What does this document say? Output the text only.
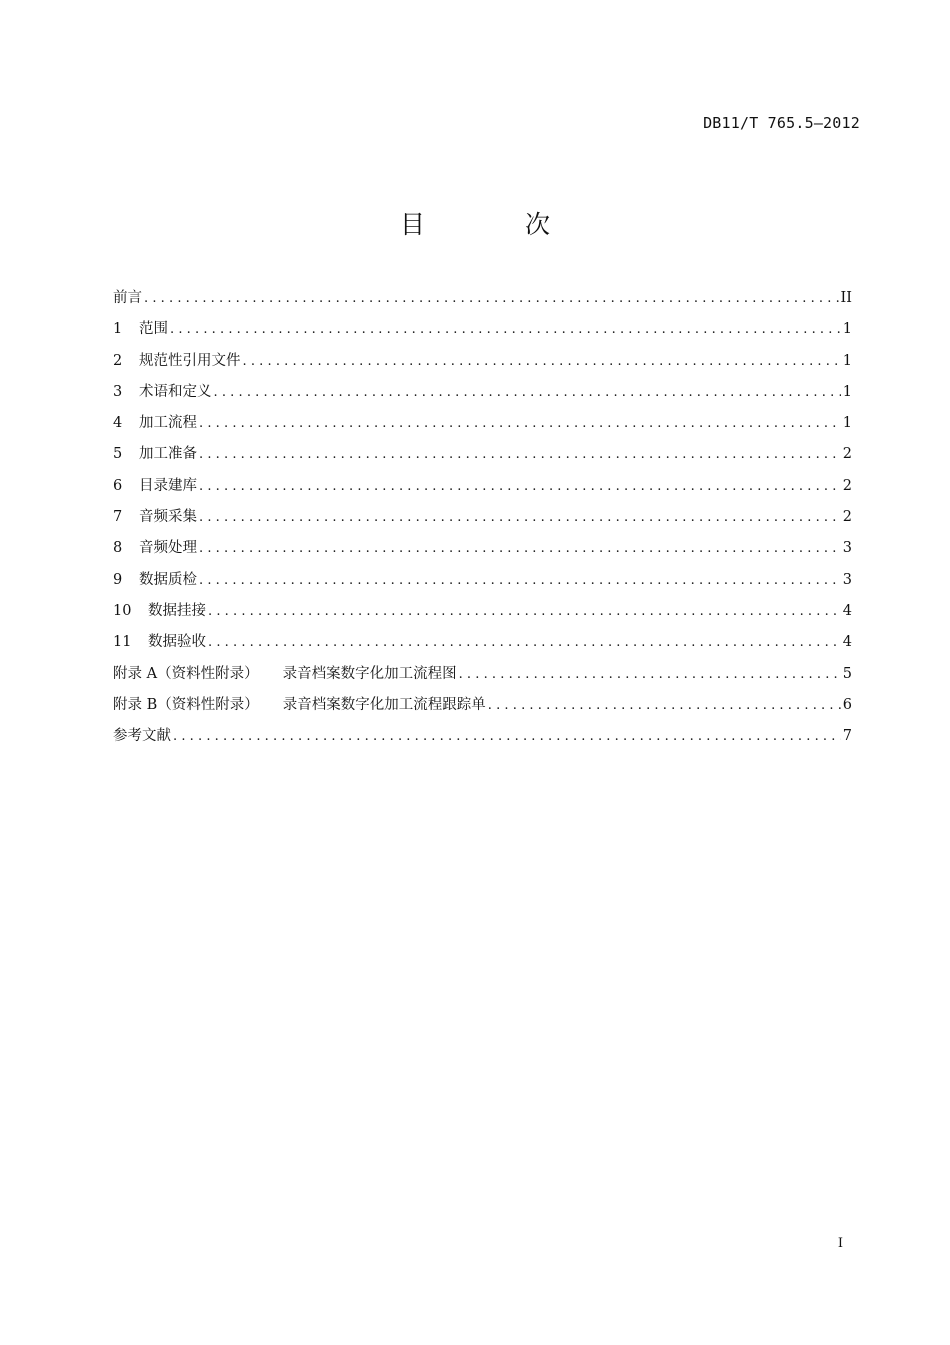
DB11/T 765.5—2012
目 次
前言 .....	II
1	范围 .....	1
2	规范性引用文件 .....	1
3	术语和定义 .....	1
4	加工流程 .....	1
5	加工准备 .....	2
6	目录建库 .....	2
7	音频采集 .....	2
8	音频处理 .....	3
9	数据质检 .....	3
10	数据挂接 .....	4
11	数据验收 .....	4
附录 A（资料性附录） 录音档案数字化加工流程图 .....	5
附录 B（资料性附录） 录音档案数字化加工流程跟踪单 .....	6
参考文献 .....	7
I
